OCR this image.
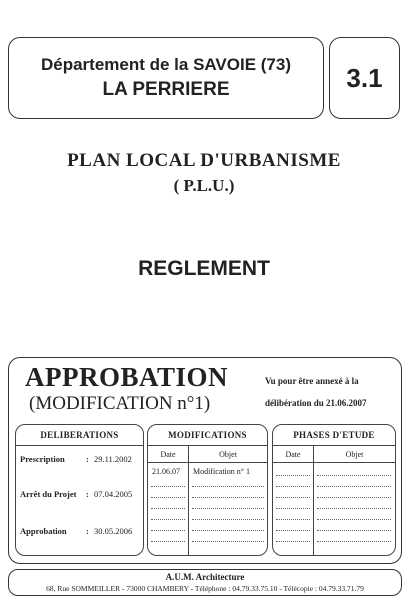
Département de la SAVOIE (73)
LA PERRIERE	3.1
PLAN LOCAL D'URBANISME
( P.L.U.)
REGLEMENT
APPROBATION
(MODIFICATION n°1)
Vu pour être annexé à la
délibération du 21.06.2007
DELIBERATIONS
Prescription	: 29.11.2002
Arrêt du Projet : 07.04.2005
Approbation : 30.05.2006
MODIFICATIONS
Date	Objet
21.06.07 Modification n° 1
PHASES D'ETUDE
Date	Objet
A.U.M. Architecture
68, Rue SOMMEILLER - 73000 CHAMBERY - Téléphone : 04.79.33.75.10 - Télécopie : 04.79.33.71.79
